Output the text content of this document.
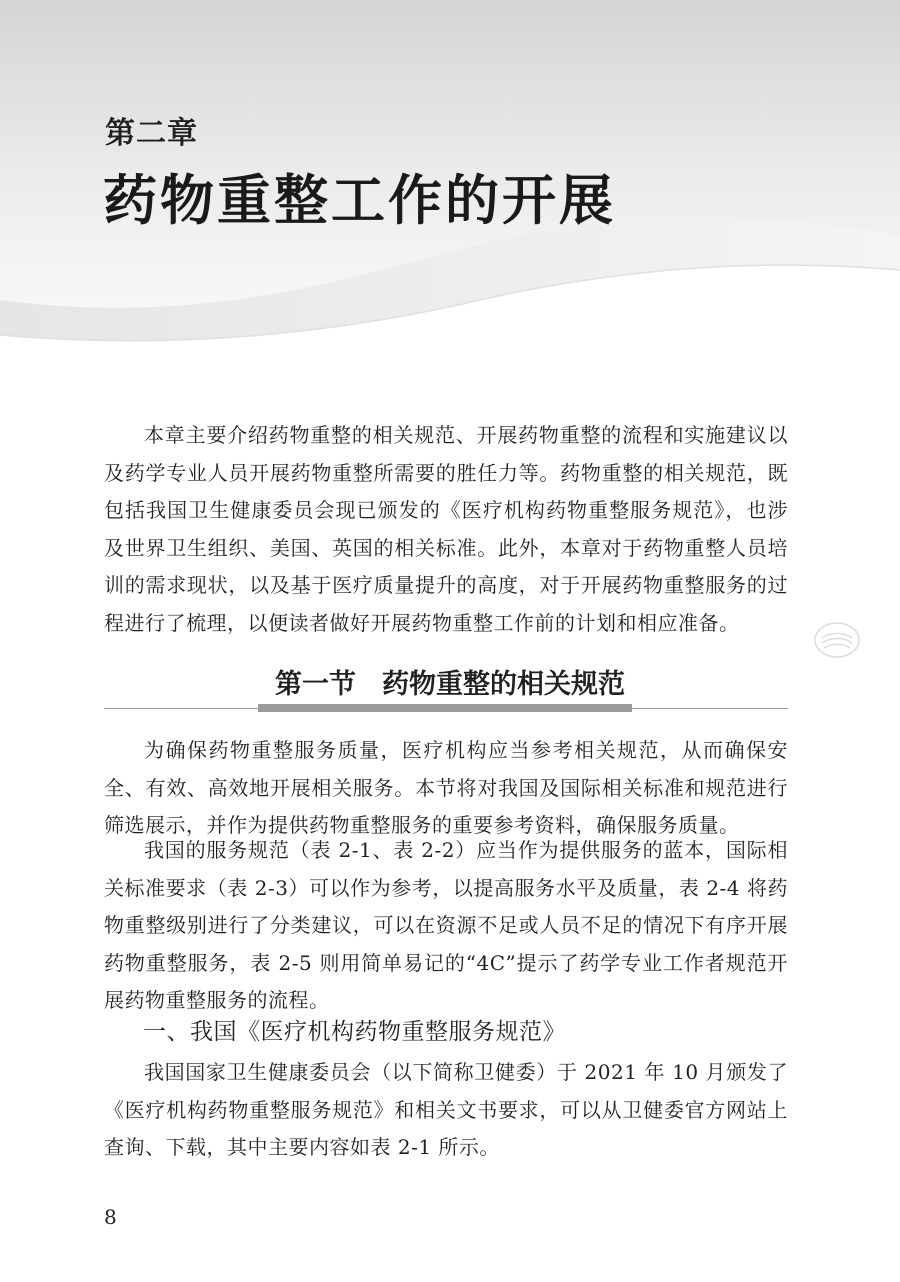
第二章
药物重整工作的开展

本章主要介绍药物重整的相关规范、开展药物重整的流程和实施建议以及药学专业人员开展药物重整所需要的胜任力等。药物重整的相关规范，既包括我国卫生健康委员会现已颁发的《医疗机构药物重整服务规范》，也涉及世界卫生组织、美国、英国的相关标准。此外，本章对于药物重整人员培训的需求现状，以及基于医疗质量提升的高度，对于开展药物重整服务的过程进行了梳理，以便读者做好开展药物重整工作前的计划和相应准备。

第一节 药物重整的相关规范

为确保药物重整服务质量，医疗机构应当参考相关规范，从而确保安全、有效、高效地开展相关服务。本节将对我国及国际相关标准和规范进行筛选展示，并作为提供药物重整服务的重要参考资料，确保服务质量。

我国的服务规范（表 2-1、表 2-2）应当作为提供服务的蓝本，国际相关标准要求（表 2-3）可以作为参考，以提高服务水平及质量，表 2-4 将药物重整级别进行了分类建议，可以在资源不足或人员不足的情况下有序开展药物重整服务，表 2-5 则用简单易记的“4C”提示了药学专业工作者规范开展药物重整服务的流程。

一、我国《医疗机构药物重整服务规范》

我国国家卫生健康委员会（以下简称卫健委）于 2021 年 10 月颁发了《医疗机构药物重整服务规范》和相关文书要求，可以从卫健委官方网站上查询、下载，其中主要内容如表 2-1 所示。

8
